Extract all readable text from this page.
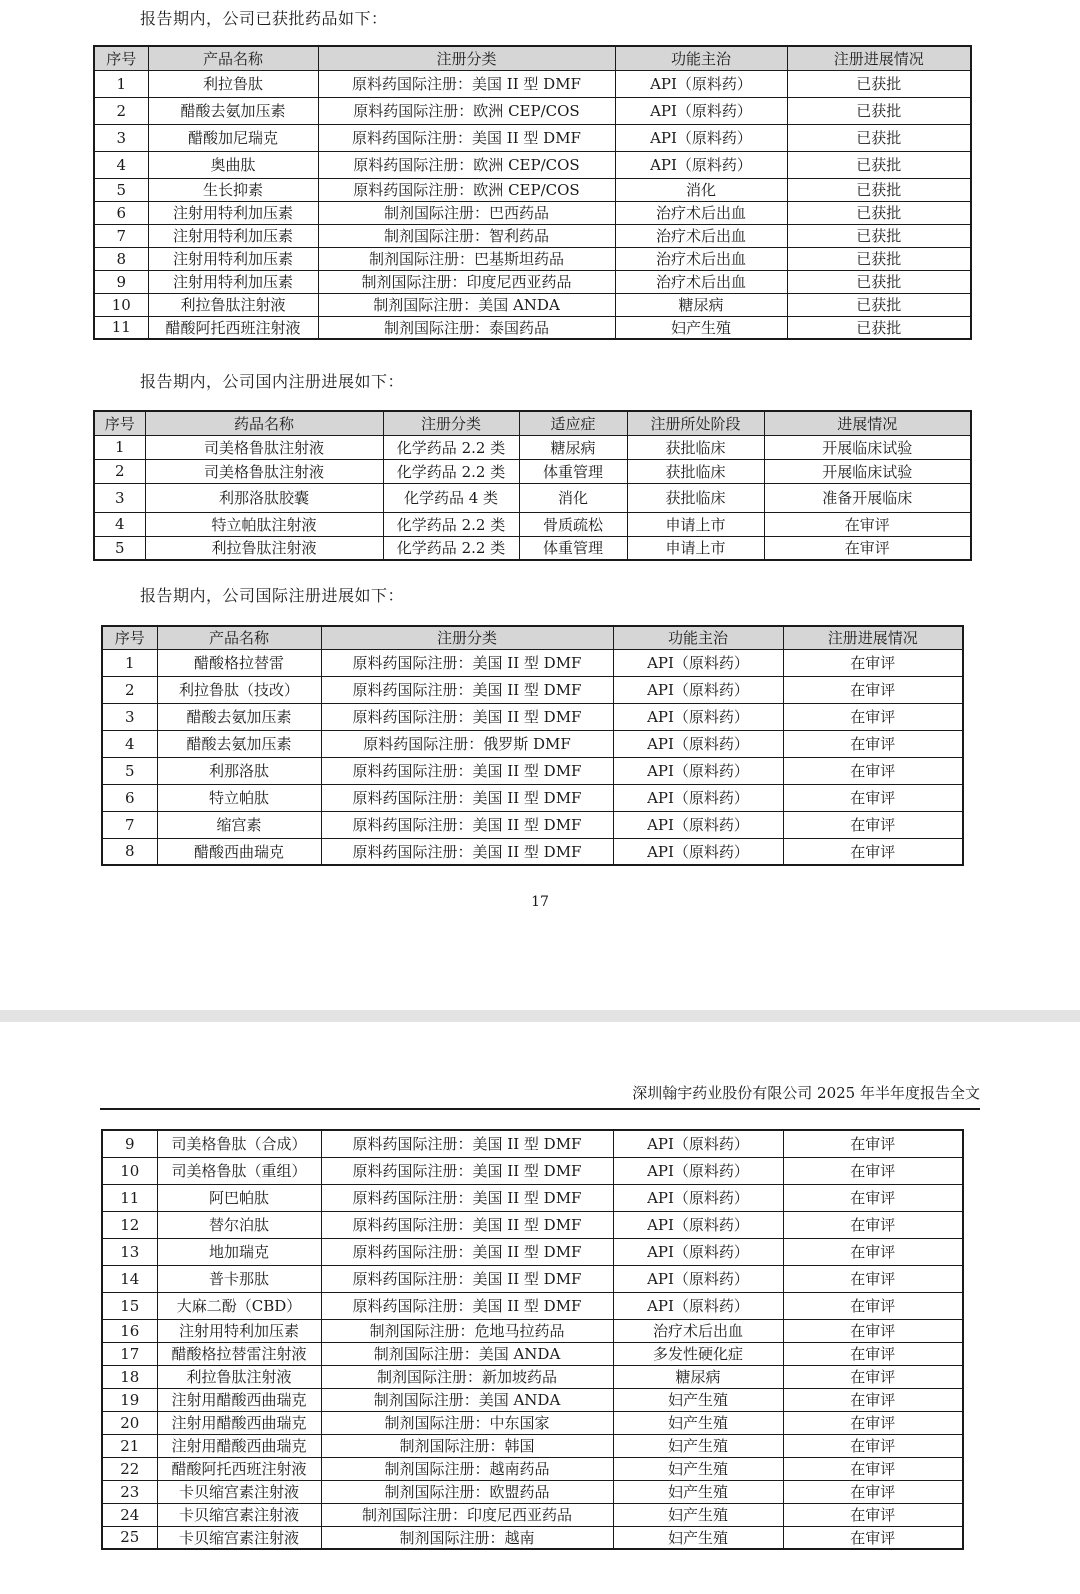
报告期内，公司已获批药品如下：
序号	产品名称	注册分类	功能主治	注册进展情况
1	利拉鲁肽	原料药国际注册：美国 II 型 DMF	API（原料药）	已获批
2	醋酸去氨加压素	原料药国际注册：欧洲 CEP/COS	API（原料药）	已获批
3	醋酸加尼瑞克	原料药国际注册：美国 II 型 DMF	API（原料药）	已获批
4	奥曲肽	原料药国际注册：欧洲 CEP/COS	API（原料药）	已获批
5	生长抑素	原料药国际注册：欧洲 CEP/COS	消化	已获批
6	注射用特利加压素	制剂国际注册：巴西药品	治疗术后出血	已获批
7	注射用特利加压素	制剂国际注册：智利药品	治疗术后出血	已获批
8	注射用特利加压素	制剂国际注册：巴基斯坦药品	治疗术后出血	已获批
9	注射用特利加压素	制剂国际注册：印度尼西亚药品	治疗术后出血	已获批
10	利拉鲁肽注射液	制剂国际注册：美国 ANDA	糖尿病	已获批
11	醋酸阿托西班注射液	制剂国际注册：泰国药品	妇产生殖	已获批
报告期内，公司国内注册进展如下：
序号	药品名称	注册分类	适应症	注册所处阶段	进展情况
1	司美格鲁肽注射液	化学药品 2.2 类	糖尿病	获批临床	开展临床试验
2	司美格鲁肽注射液	化学药品 2.2 类	体重管理	获批临床	开展临床试验
3	利那洛肽胶囊	化学药品 4 类	消化	获批临床	准备开展临床
4	特立帕肽注射液	化学药品 2.2 类	骨质疏松	申请上市	在审评
5	利拉鲁肽注射液	化学药品 2.2 类	体重管理	申请上市	在审评
报告期内，公司国际注册进展如下：
序号	产品名称	注册分类	功能主治	注册进展情况
1	醋酸格拉替雷	原料药国际注册：美国 II 型 DMF	API（原料药）	在审评
2	利拉鲁肽（技改）	原料药国际注册：美国 II 型 DMF	API（原料药）	在审评
3	醋酸去氨加压素	原料药国际注册：美国 II 型 DMF	API（原料药）	在审评
4	醋酸去氨加压素	原料药国际注册：俄罗斯 DMF	API（原料药）	在审评
5	利那洛肽	原料药国际注册：美国 II 型 DMF	API（原料药）	在审评
6	特立帕肽	原料药国际注册：美国 II 型 DMF	API（原料药）	在审评
7	缩宫素	原料药国际注册：美国 II 型 DMF	API（原料药）	在审评
8	醋酸西曲瑞克	原料药国际注册：美国 II 型 DMF	API（原料药）	在审评
17
深圳翰宇药业股份有限公司 2025 年半年度报告全文
9	司美格鲁肽（合成）	原料药国际注册：美国 II 型 DMF	API（原料药）	在审评
10	司美格鲁肽（重组）	原料药国际注册：美国 II 型 DMF	API（原料药）	在审评
11	阿巴帕肽	原料药国际注册：美国 II 型 DMF	API（原料药）	在审评
12	替尔泊肽	原料药国际注册：美国 II 型 DMF	API（原料药）	在审评
13	地加瑞克	原料药国际注册：美国 II 型 DMF	API（原料药）	在审评
14	普卡那肽	原料药国际注册：美国 II 型 DMF	API（原料药）	在审评
15	大麻二酚（CBD）	原料药国际注册：美国 II 型 DMF	API（原料药）	在审评
16	注射用特利加压素	制剂国际注册：危地马拉药品	治疗术后出血	在审评
17	醋酸格拉替雷注射液	制剂国际注册：美国 ANDA	多发性硬化症	在审评
18	利拉鲁肽注射液	制剂国际注册：新加坡药品	糖尿病	在审评
19	注射用醋酸西曲瑞克	制剂国际注册：美国 ANDA	妇产生殖	在审评
20	注射用醋酸西曲瑞克	制剂国际注册：中东国家	妇产生殖	在审评
21	注射用醋酸西曲瑞克	制剂国际注册：韩国	妇产生殖	在审评
22	醋酸阿托西班注射液	制剂国际注册：越南药品	妇产生殖	在审评
23	卡贝缩宫素注射液	制剂国际注册：欧盟药品	妇产生殖	在审评
24	卡贝缩宫素注射液	制剂国际注册：印度尼西亚药品	妇产生殖	在审评
25	卡贝缩宫素注射液	制剂国际注册：越南	妇产生殖	在审评
